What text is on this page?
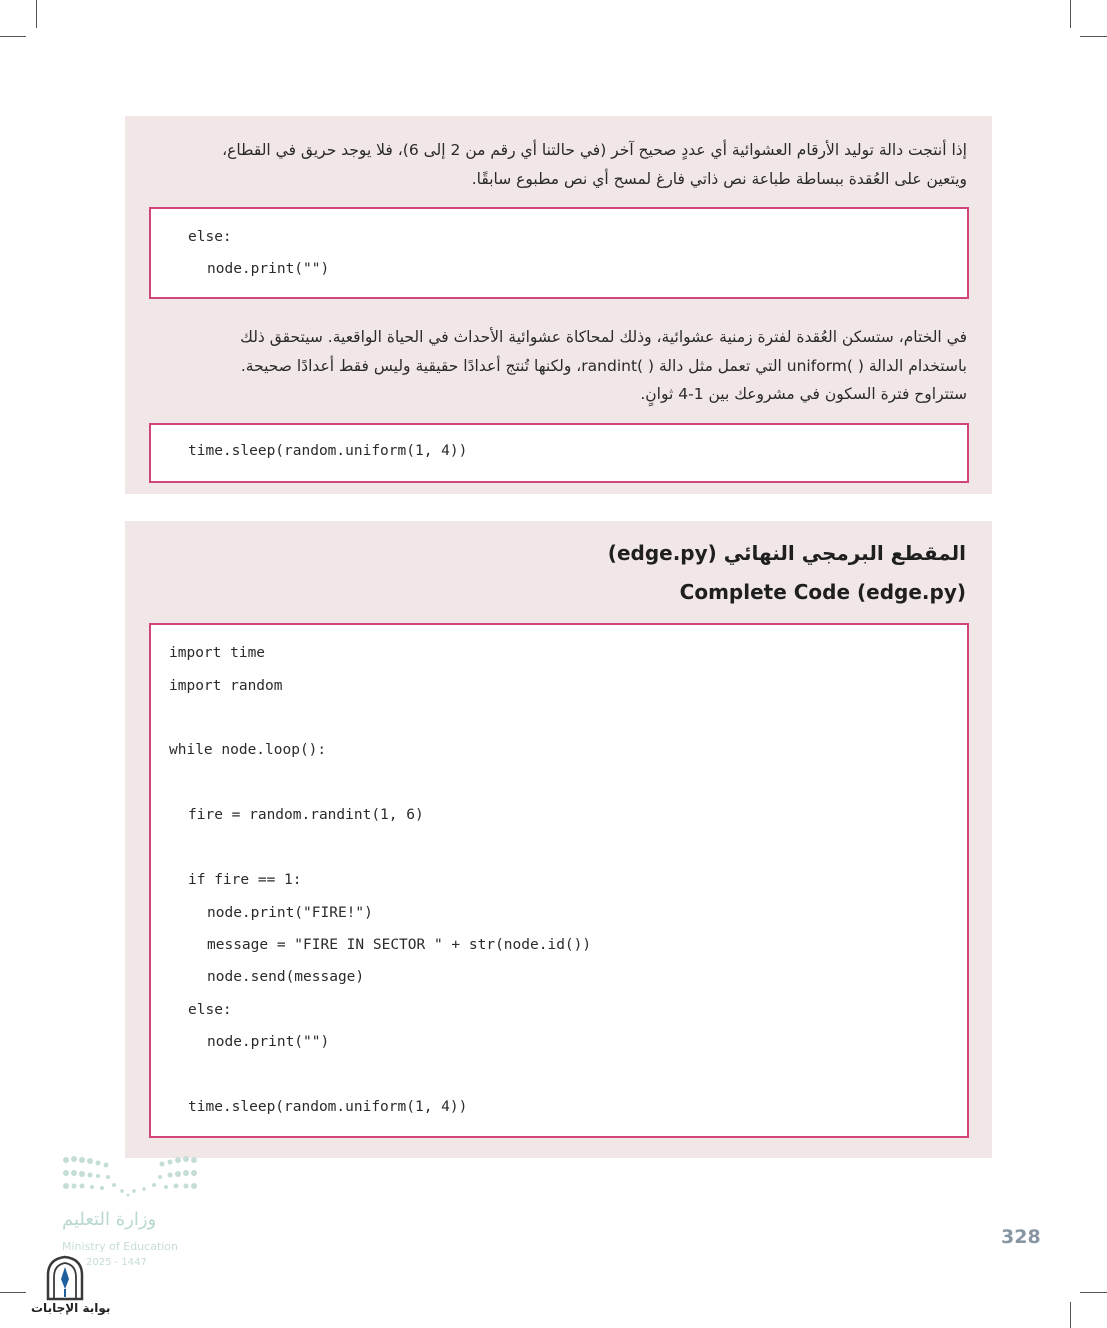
إذا أنتجت دالة توليد الأرقام العشوائية أي عددٍ صحيح آخر (في حالتنا أي رقم من 2 إلى 6)، فلا يوجد حريق في القطاع،
ويتعين على العُقدة ببساطة طباعة نص ذاتي فارغ لمسح أي نص مطبوع سابقًا.
else:
node.print("")
في الختام، ستسكن العُقدة لفترة زمنية عشوائية، وذلك لمحاكاة عشوائية الأحداث في الحياة الواقعية. سيتحقق ذلك
باستخدام الدالة ( )uniform التي تعمل مثل دالة ( )randint، ولكنها تُنتج أعدادًا حقيقية وليس فقط أعدادًا صحيحة.
ستتراوح فترة السكون في مشروعك بين 1-4 ثوانٍ.
time.sleep(random.uniform(1, 4))
المقطع البرمجي النهائي (edge.py)
Complete Code (edge.py)
import time
import random
while node.loop():
fire = random.randint(1, 6)
if fire == 1:
node.print("FIRE!")
message = "FIRE IN SECTOR " + str(node.id())
node.send(message)
else:
node.print("")
time.sleep(random.uniform(1, 4))
وزارة التعليم
Ministry of Education
2025 - 1447
بوابة الإجابات
328
